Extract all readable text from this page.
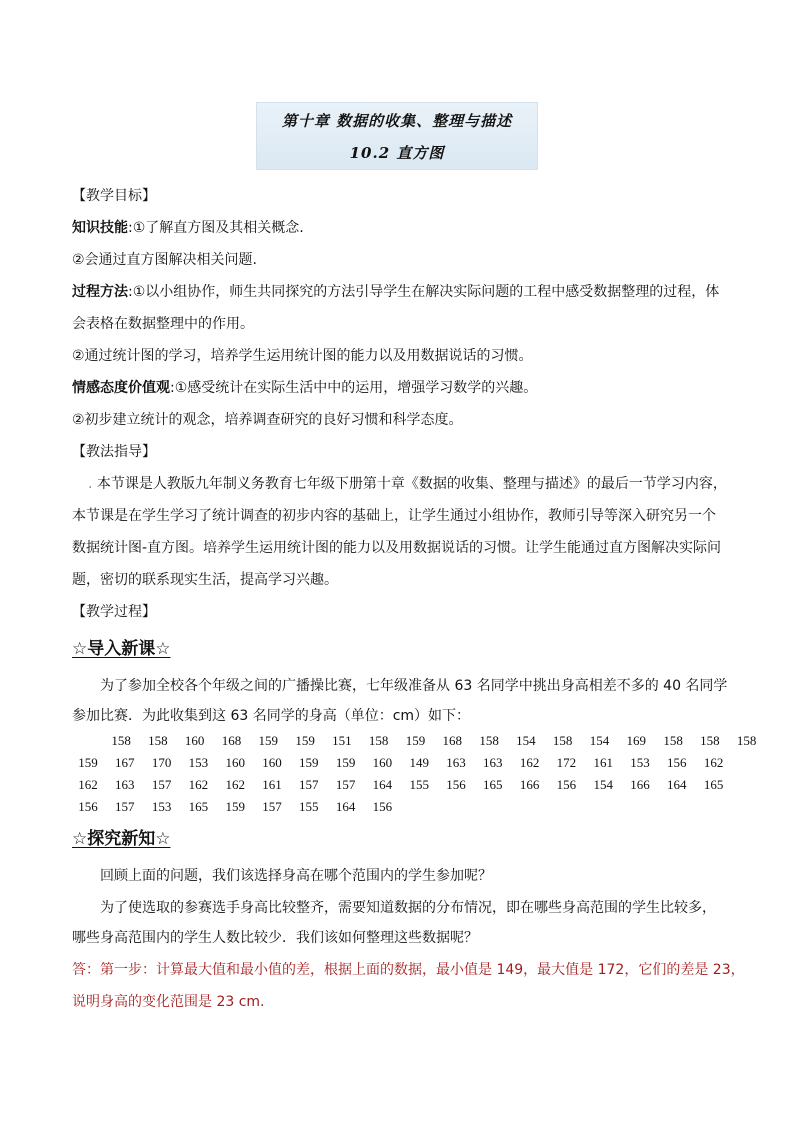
第十章 数据的收集、整理与描述
10.2 直方图
【教学目标】
知识技能:①了解直方图及其相关概念.
②会通过直方图解决相关问题.
过程方法:①以小组协作，师生共同探究的方法引导学生在解决实际问题的工程中感受数据整理的过程，体
会表格在数据整理中的作用。
②通过统计图的学习，培养学生运用统计图的能力以及用数据说话的习惯。
情感态度价值观:①感受统计在实际生活中中的运用，增强学习数学的兴趣。
②初步建立统计的观念，培养调查研究的良好习惯和科学态度。
【教法指导】
. 本节课是人教版九年制义务教育七年级下册第十章《数据的收集、整理与描述》的最后一节学习内容，
本节课是在学生学习了统计调查的初步内容的基础上，让学生通过小组协作，教师引导等深入研究另一个
数据统计图-直方图。培养学生运用统计图的能力以及用数据说话的习惯。让学生能通过直方图解决实际问
题，密切的联系现实生活，提高学习兴趣。
【教学过程】
☆导入新课☆
为了参加全校各个年级之间的广播操比赛，七年级准备从 63 名同学中挑出身高相差不多的 40 名同学
参加比赛．为此收集到这 63 名同学的身高（单位：cm）如下：
158	158	160	168	159	159	151	158	159	168	158	154	158	154	169	158	158	158
159	167	170	153	160	160	159	159	160	149	163	163	162	172	161	153	156	162
162	163	157	162	162	161	157	157	164	155	156	165	166	156	154	166	164	165
156	157	153	165	159	157	155	164	156
☆探究新知☆
回顾上面的问题，我们该选择身高在哪个范围内的学生参加呢？
为了使选取的参赛选手身高比较整齐，需要知道数据的分布情况，即在哪些身高范围的学生比较多，
哪些身高范围内的学生人数比较少．我们该如何整理这些数据呢？
答：第一步：计算最大值和最小值的差，根据上面的数据，最小值是 149，最大值是 172，它们的差是 23，
说明身高的变化范围是 23 cm.
